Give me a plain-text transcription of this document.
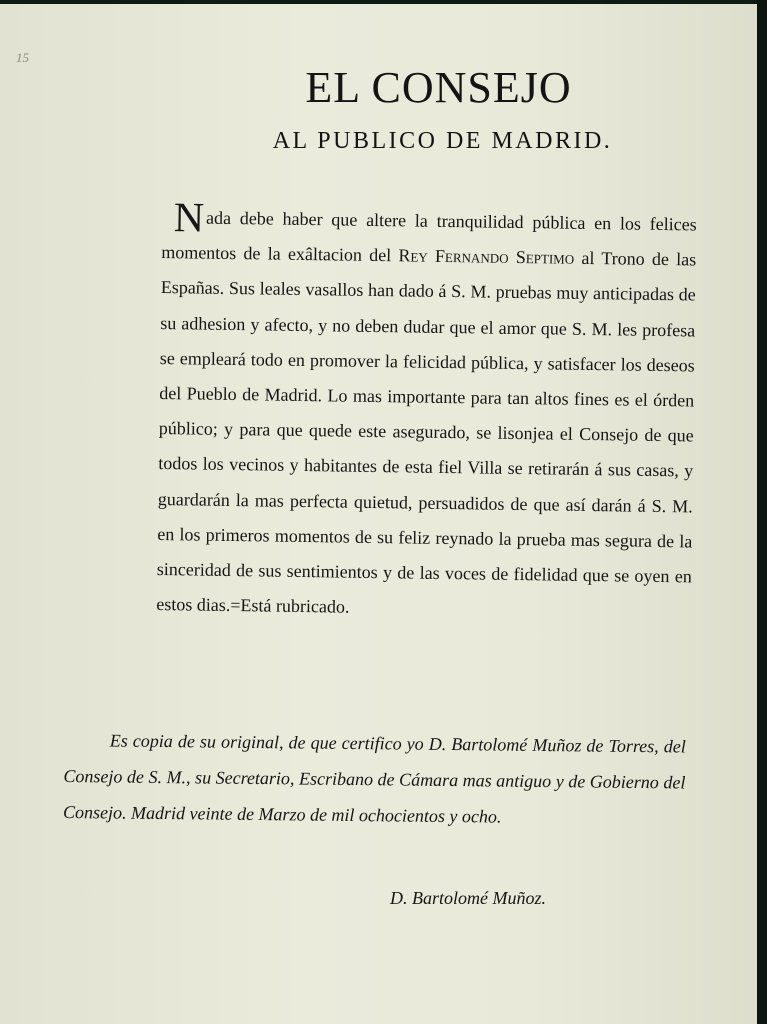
15
EL CONSEJO
AL PUBLICO DE MADRID.

Nada debe haber que altere la tranquilidad pública en los felices momentos de la exâltacion del Rey Fernando Septimo al Trono de las Españas. Sus leales vasallos han dado á S. M. pruebas muy anticipadas de su adhesion y afecto, y no deben dudar que el amor que S. M. les profesa se empleará todo en promover la felicidad pública, y satisfacer los deseos del Pueblo de Madrid. Lo mas importante para tan altos fines es el órden público; y para que quede este asegurado, se lisonjea el Consejo de que todos los vecinos y habitantes de esta fiel Villa se retirarán á sus casas, y guardarán la mas perfecta quietud, persuadidos de que así darán á S. M. en los primeros momentos de su feliz reynado la prueba mas segura de la sinceridad de sus sentimientos y de las voces de fidelidad que se oyen en estos dias.=Está rubricado.

Es copia de su original, de que certifico yo D. Bartolomé Muñoz de Torres, del Consejo de S. M., su Secretario, Escribano de Cámara mas antiguo y de Gobierno del Consejo. Madrid veinte de Marzo de mil ochocientos y ocho.

D. Bartolomé Muñoz.
